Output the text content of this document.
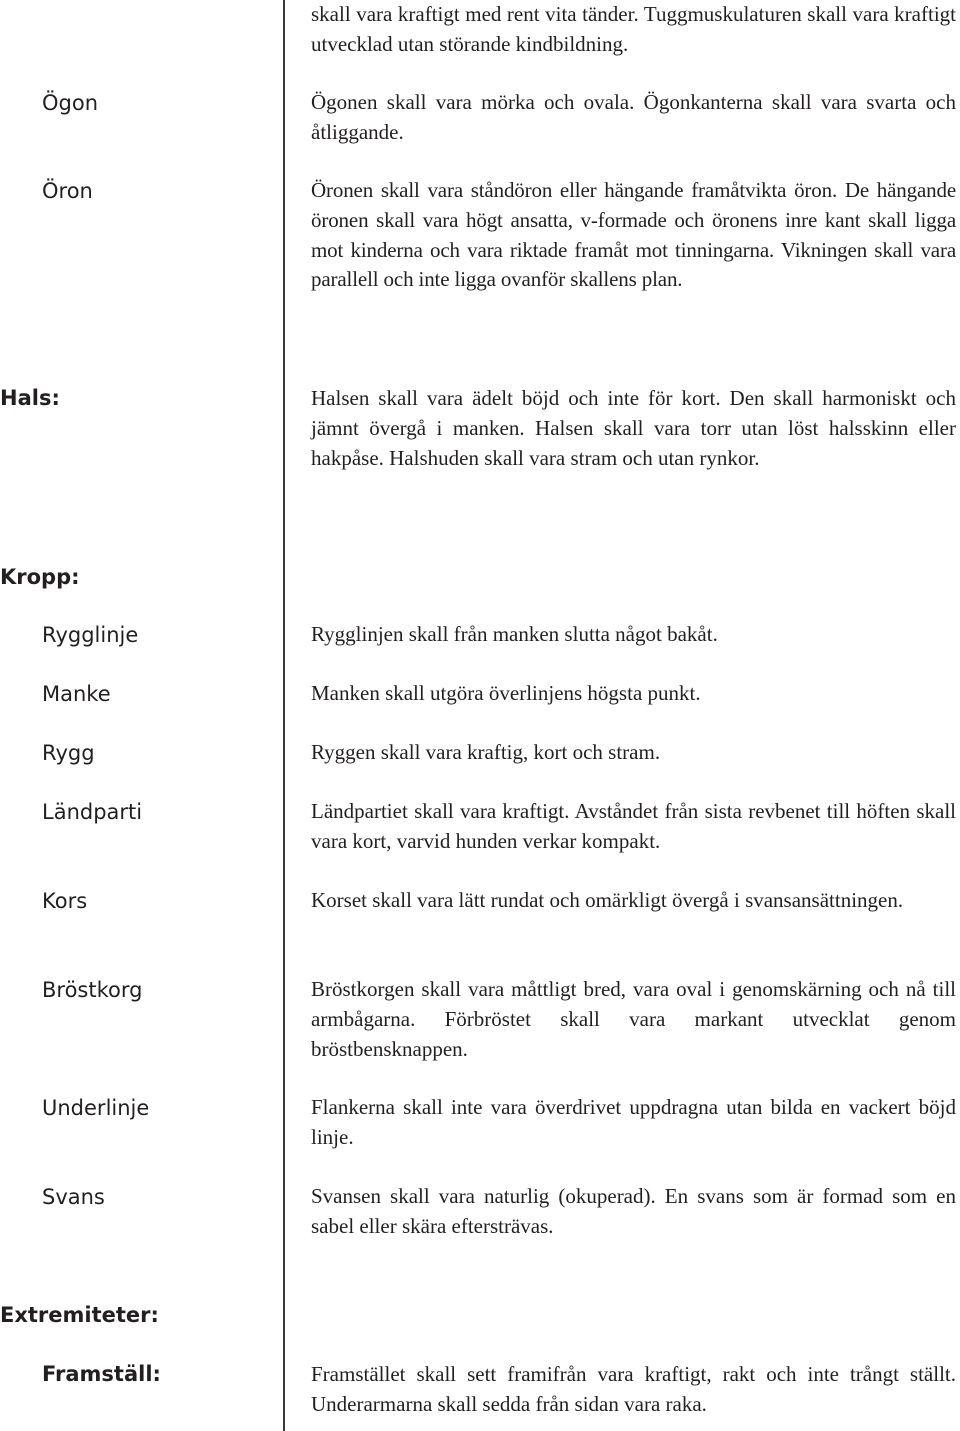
skall vara kraftigt med rent vita tänder. Tuggmuskulaturen skall vara kraftigt utvecklad utan störande kindbildning.
Ögon	Ögonen skall vara mörka och ovala. Ögonkanterna skall vara svarta och åtliggande.
Öron	Öronen skall vara ståndöron eller hängande framåtvikta öron. De hängande öronen skall vara högt ansatta, v-formade och öronens inre kant skall ligga mot kinderna och vara riktade framåt mot tinningarna. Vikningen skall vara parallell och inte ligga ovanför skallens plan.
Hals:	Halsen skall vara ädelt böjd och inte för kort. Den skall harmoniskt och jämnt övergå i manken. Halsen skall vara torr utan löst halsskinn eller hakpåse. Halshuden skall vara stram och utan rynkor.
Kropp:
Rygglinje	Rygglinjen skall från manken slutta något bakåt.
Manke	Manken skall utgöra överlinjens högsta punkt.
Rygg	Ryggen skall vara kraftig, kort och stram.
Ländparti	Ländpartiet skall vara kraftigt. Avståndet från sista revbenet till höften skall vara kort, varvid hunden verkar kompakt.
Kors	Korset skall vara lätt rundat och omärkligt övergå i svansansättningen.
Bröstkorg	Bröstkorgen skall vara måttligt bred, vara oval i genomskärning och nå till armbågarna. Förbröstet skall vara markant utvecklat genom bröstbensknappen.
Underlinje	Flankerna skall inte vara överdrivet uppdragna utan bilda en vackert böjd linje.
Svans	Svansen skall vara naturlig (okuperad). En svans som är formad som en sabel eller skära eftersträvas.
Extremiteter:
Framställ:	Framstället skall sett framifrån vara kraftigt, rakt och inte trångt ställt. Underarmarna skall sedda från sidan vara raka.
